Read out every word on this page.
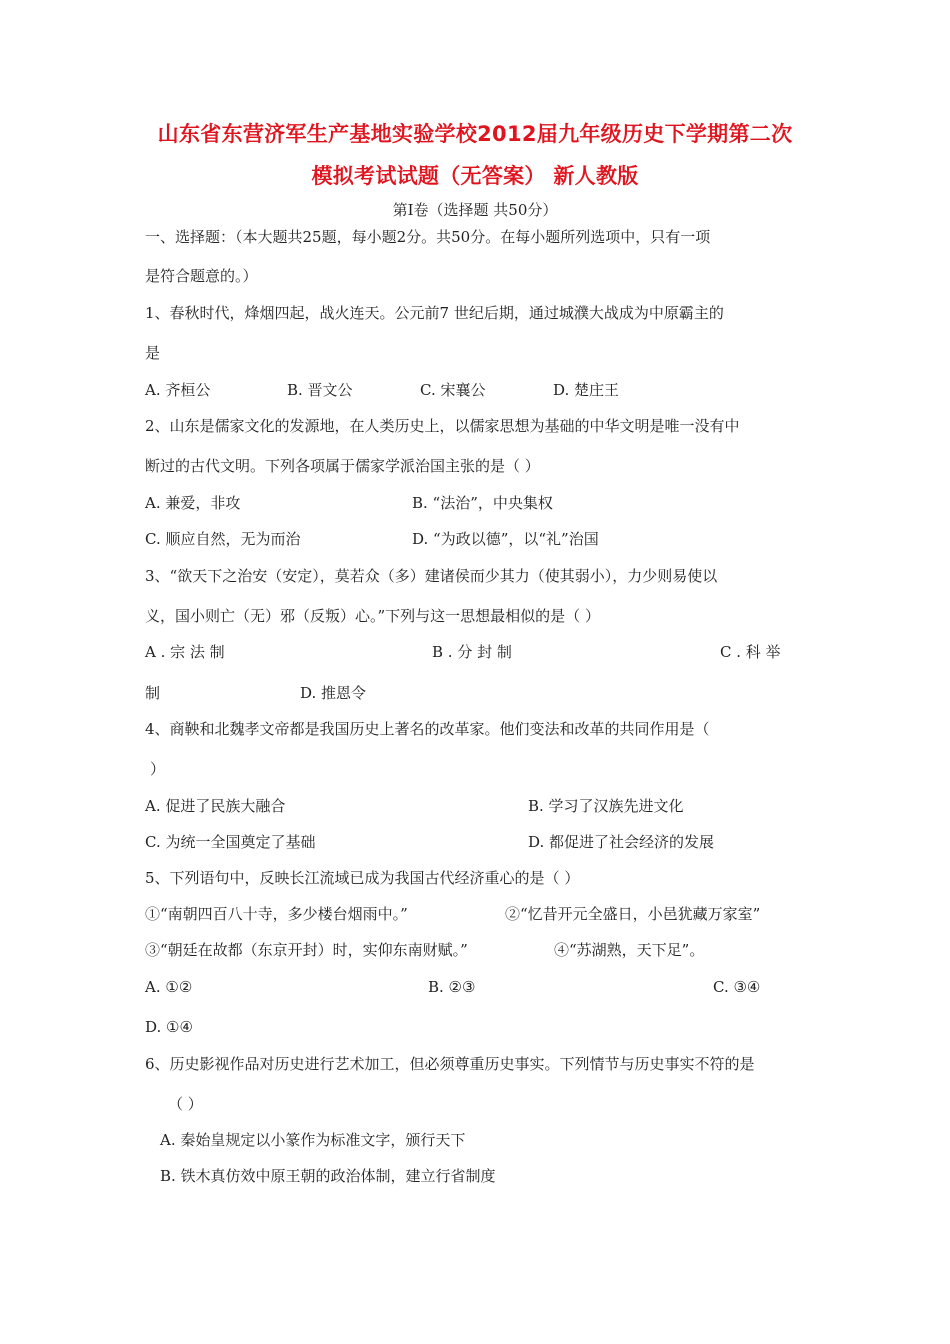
山东省东营济军生产基地实验学校2012届九年级历史下学期第二次
模拟考试试题（无答案） 新人教版
第Ⅰ卷（选择题 共50分）
一、选择题：（本大题共25题，每小题2分。共50分。在每小题所列选项中，只有一项
是符合题意的。）
1、春秋时代，烽烟四起，战火连天。公元前7 世纪后期，通过城濮大战成为中原霸主的
是
A. 齐桓公	B. 晋文公	C. 宋襄公	D. 楚庄王
2、山东是儒家文化的发源地，在人类历史上，以儒家思想为基础的中华文明是唯一没有中
断过的古代文明。下列各项属于儒家学派治国主张的是（ ）
A. 兼爱，非攻	B. “法治”，中央集权
C. 顺应自然，无为而治	D. “为政以德”，以“礼”治国
3、“欲天下之治安（安定），莫若众（多）建诸侯而少其力（使其弱小），力少则易使以
义，国小则亡（无）邪（反叛）心。”下列与这一思想最相似的是（ ）
A . 宗 法 制	B . 分 封 制	C . 科 举
制	D. 推恩令
4、商鞅和北魏孝文帝都是我国历史上著名的改革家。他们变法和改革的共同作用是（
）
A. 促进了民族大融合	B. 学习了汉族先进文化
C. 为统一全国奠定了基础	D. 都促进了社会经济的发展
5、下列语句中，反映长江流域已成为我国古代经济重心的是（ ）
①“南朝四百八十寺，多少楼台烟雨中。”	②“忆昔开元全盛日，小邑犹藏万家室”
③“朝廷在故都（东京开封）时，实仰东南财赋。”	④“苏湖熟，天下足”。
A. ①②	B. ②③	C. ③④
D. ①④
6、历史影视作品对历史进行艺术加工，但必须尊重历史事实。下列情节与历史事实不符的是
（ ）
A. 秦始皇规定以小篆作为标准文字，颁行天下
B. 铁木真仿效中原王朝的政治体制，建立行省制度
